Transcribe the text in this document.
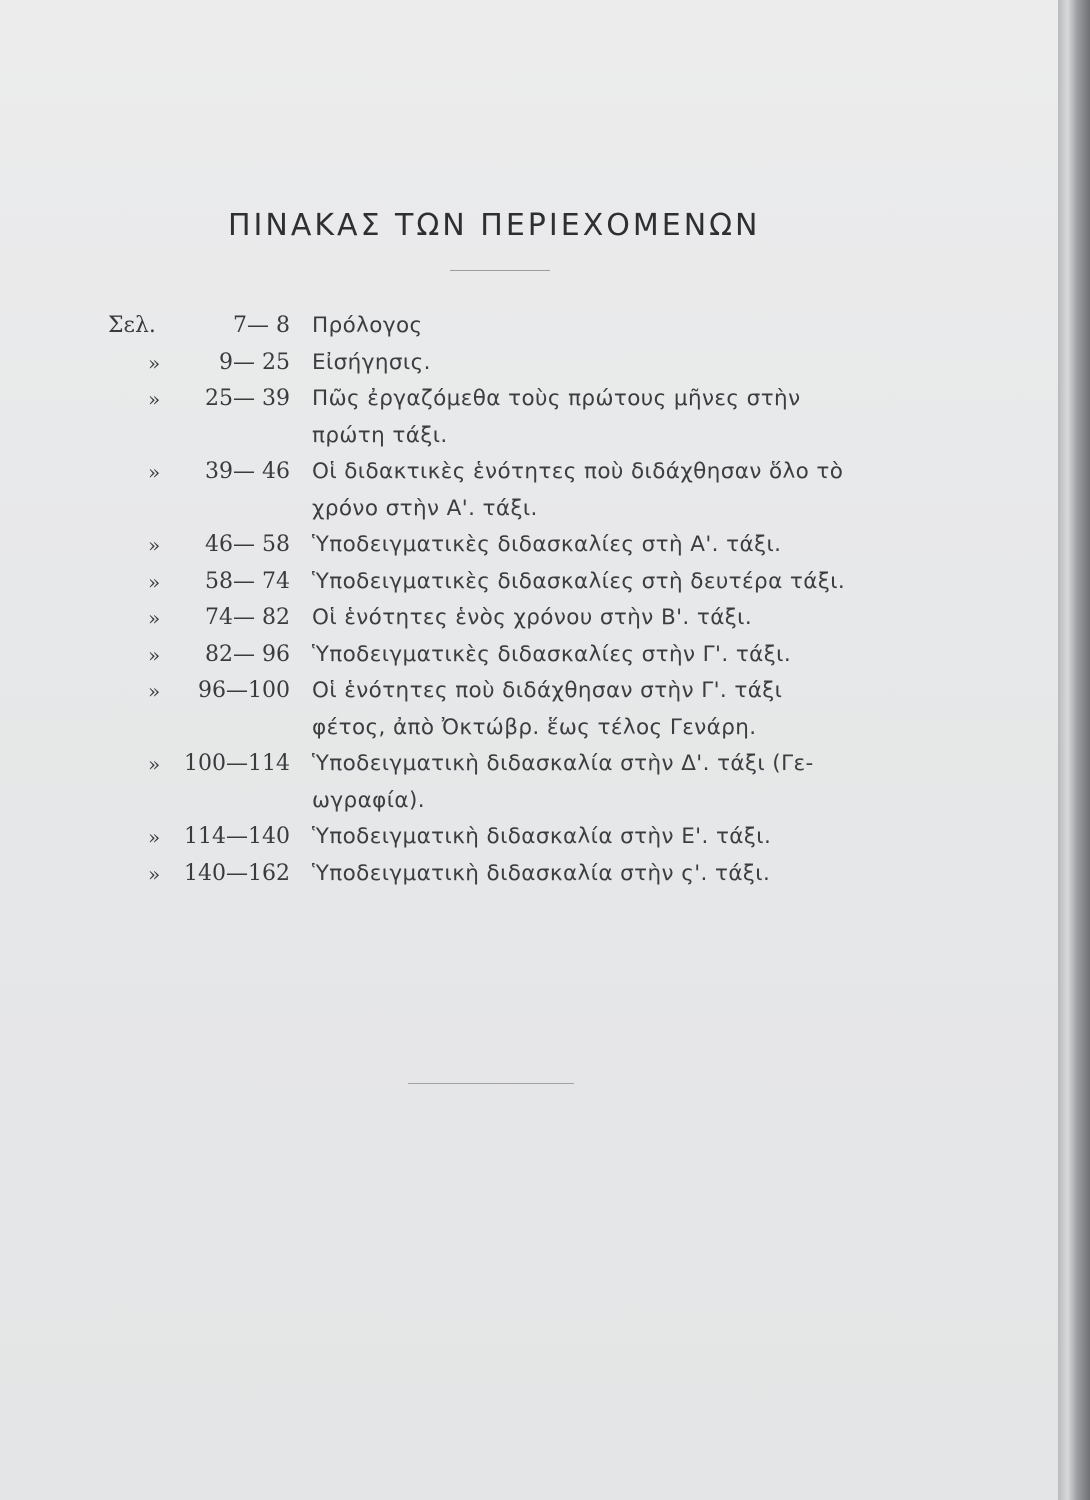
ΠΙΝΑΚΑΣ ΤΩΝ ΠΕΡΙΕΧΟΜΕΝΩΝ
Σελ.	7— 8 Πρόλογος
»	9— 25 Εἰσήγησις.
»	25— 39 Πῶς ἐργαζόμεθα τοὺς πρώτους μῆνες στὴν
πρώτη τάξι.
»	39— 46 Οἱ διδακτικὲς ἑνότητες ποὺ διδάχθησαν ὅλο τὸ
χρόνο στὴν Α'. τάξι.
»	46— 58 Ὑποδειγματικὲς διδασκαλίες στὴ Α'. τάξι.
»	58— 74 Ὑποδειγματικὲς διδασκαλίες στὴ δευτέρα τάξι.
»	74— 82 Οἱ ἑνότητες ἑνὸς χρόνου στὴν Β'. τάξι.
»	82— 96 Ὑποδειγματικὲς διδασκαλίες στὴν Γ'. τάξι.
»	96—100 Οἱ ἑνότητες ποὺ διδάχθησαν στὴν Γ'. τάξι
φέτος, ἀπὸ Ὀκτώβρ. ἕως τέλος Γενάρη.
»	100—114 Ὑποδειγματικὴ διδασκαλία στὴν Δ'. τάξι (Γε-
ωγραφία).
»	114—140 Ὑποδειγματικὴ διδασκαλία στὴν Ε'. τάξι.
»	140—162 Ὑποδειγματικὴ διδασκαλία στὴν ς'. τάξι.
